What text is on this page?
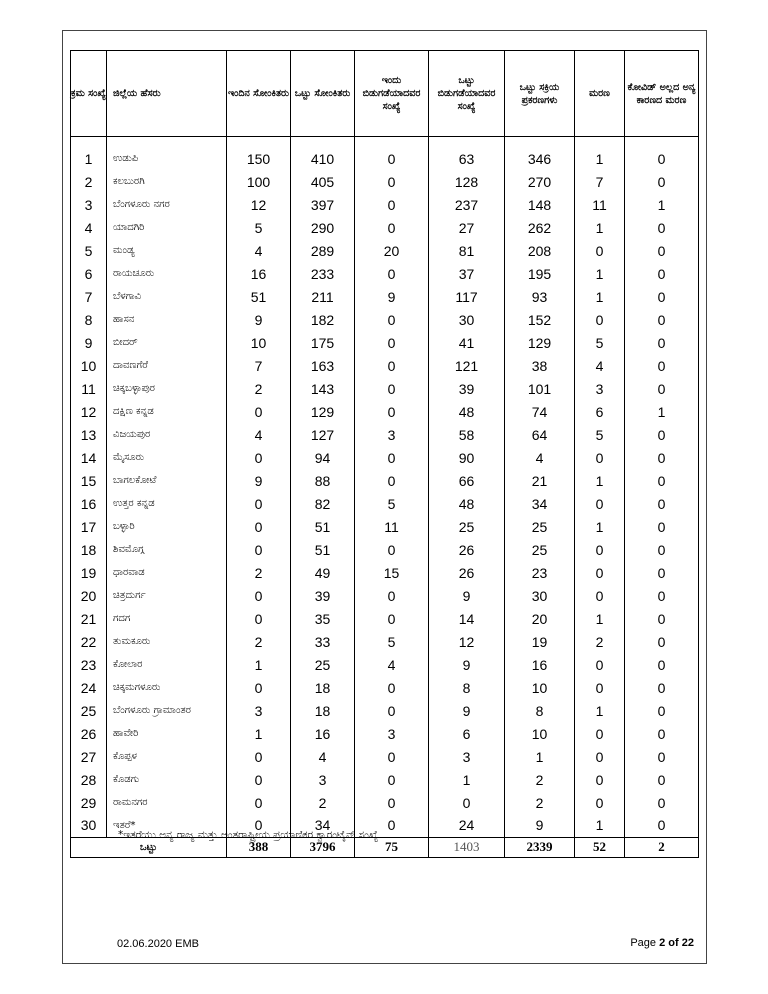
ಕ್ರಮ ಸಂಖ್ಯೆ	ಜಿಲ್ಲೆಯ ಹೆಸರು	ಇಂದಿನ ಸೋಂಕಿತರು	ಒಟ್ಟು ಸೋಂಕಿತರು	ಇಂದು ಬಿಡುಗಡೆಯಾದವರ ಸಂಖ್ಯೆ	ಒಟ್ಟು ಬಿಡುಗಡೆಯಾದವರ ಸಂಖ್ಯೆ	ಒಟ್ಟು ಸಕ್ರಿಯ ಪ್ರಕರಣಗಳು	ಮರಣ	ಕೋವಿಡ್ ಅಲ್ಲದ ಅನ್ಯ ಕಾರಣದ ಮರಣ

1	ಉಡುಪಿ	150	410	0	63	346	1	0
2	ಕಲಬುರಗಿ	100	405	0	128	270	7	0
3	ಬೆಂಗಳೂರು ನಗರ	12	397	0	237	148	11	1
4	ಯಾದಗಿರಿ	5	290	0	27	262	1	0
5	ಮಂಡ್ಯ	4	289	20	81	208	0	0
6	ರಾಯಚೂರು	16	233	0	37	195	1	0
7	ಬೆಳಗಾವಿ	51	211	9	117	93	1	0
8	ಹಾಸನ	9	182	0	30	152	0	0
9	ಬೀದರ್	10	175	0	41	129	5	0
10	ದಾವಣಗೆರೆ	7	163	0	121	38	4	0
11	ಚಿಕ್ಕಬಳ್ಳಾಪುರ	2	143	0	39	101	3	0
12	ದಕ್ಷಿಣ ಕನ್ನಡ	0	129	0	48	74	6	1
13	ವಿಜಯಪುರ	4	127	3	58	64	5	0
14	ಮೈಸೂರು	0	94	0	90	4	0	0
15	ಬಾಗಲಕೋಟೆ	9	88	0	66	21	1	0
16	ಉತ್ತರ ಕನ್ನಡ	0	82	5	48	34	0	0
17	ಬಳ್ಳಾರಿ	0	51	11	25	25	1	0
18	ಶಿವಮೊಗ್ಗ	0	51	0	26	25	0	0
19	ಧಾರವಾಡ	2	49	15	26	23	0	0
20	ಚಿತ್ರದುರ್ಗ	0	39	0	9	30	0	0
21	ಗದಗ	0	35	0	14	20	1	0
22	ತುಮಕೂರು	2	33	5	12	19	2	0
23	ಕೋಲಾರ	1	25	4	9	16	0	0
24	ಚಿಕ್ಕಮಗಳೂರು	0	18	0	8	10	0	0
25	ಬೆಂಗಳೂರು ಗ್ರಾಮಾಂತರ	3	18	0	9	8	1	0
26	ಹಾವೇರಿ	1	16	3	6	10	0	0
27	ಕೊಪ್ಪಳ	0	4	0	3	1	0	0
28	ಕೊಡಗು	0	3	0	1	2	0	0
29	ರಾಮನಗರ	0	2	0	0	2	0	0
30	ಇತರೆ*	0	34	0	24	9	1	0
ಒಟ್ಟು		388	3796	75	1403	2339	52	2
*ಇತರೆಯು ಅನ್ಯ ರಾಜ್ಯ ಮತ್ತು ಅಂತರಾಷ್ಟ್ರೀಯ ಪ್ರಯಾಣಿಕರ ಕ್ವಾರಂಟೈನ್ ಸಂಖ್ಯೆ
02.06.2020 EMB	Page 2 of 22
